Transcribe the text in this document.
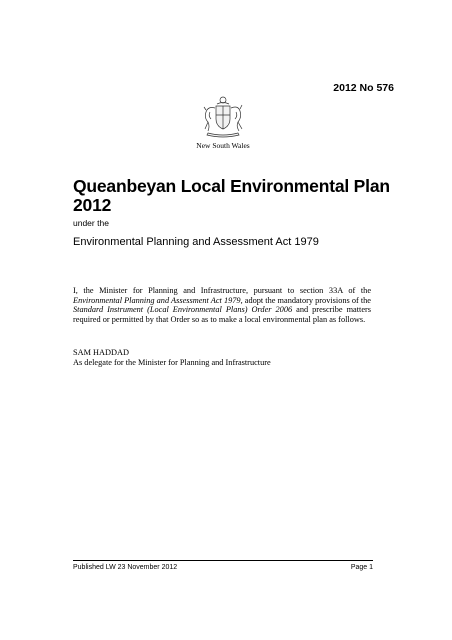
2012 No 576
New South Wales
Queanbeyan Local Environmental Plan
2012
under the
Environmental Planning and Assessment Act 1979

I, the Minister for Planning and Infrastructure, pursuant to section 33A of the Environmental Planning and Assessment Act 1979, adopt the mandatory provisions of the Standard Instrument (Local Environmental Plans) Order 2006 and prescribe matters required or permitted by that Order so as to make a local environmental plan as follows.

SAM HADDAD
As delegate for the Minister for Planning and Infrastructure
Published LW 23 November 2012	Page 1
